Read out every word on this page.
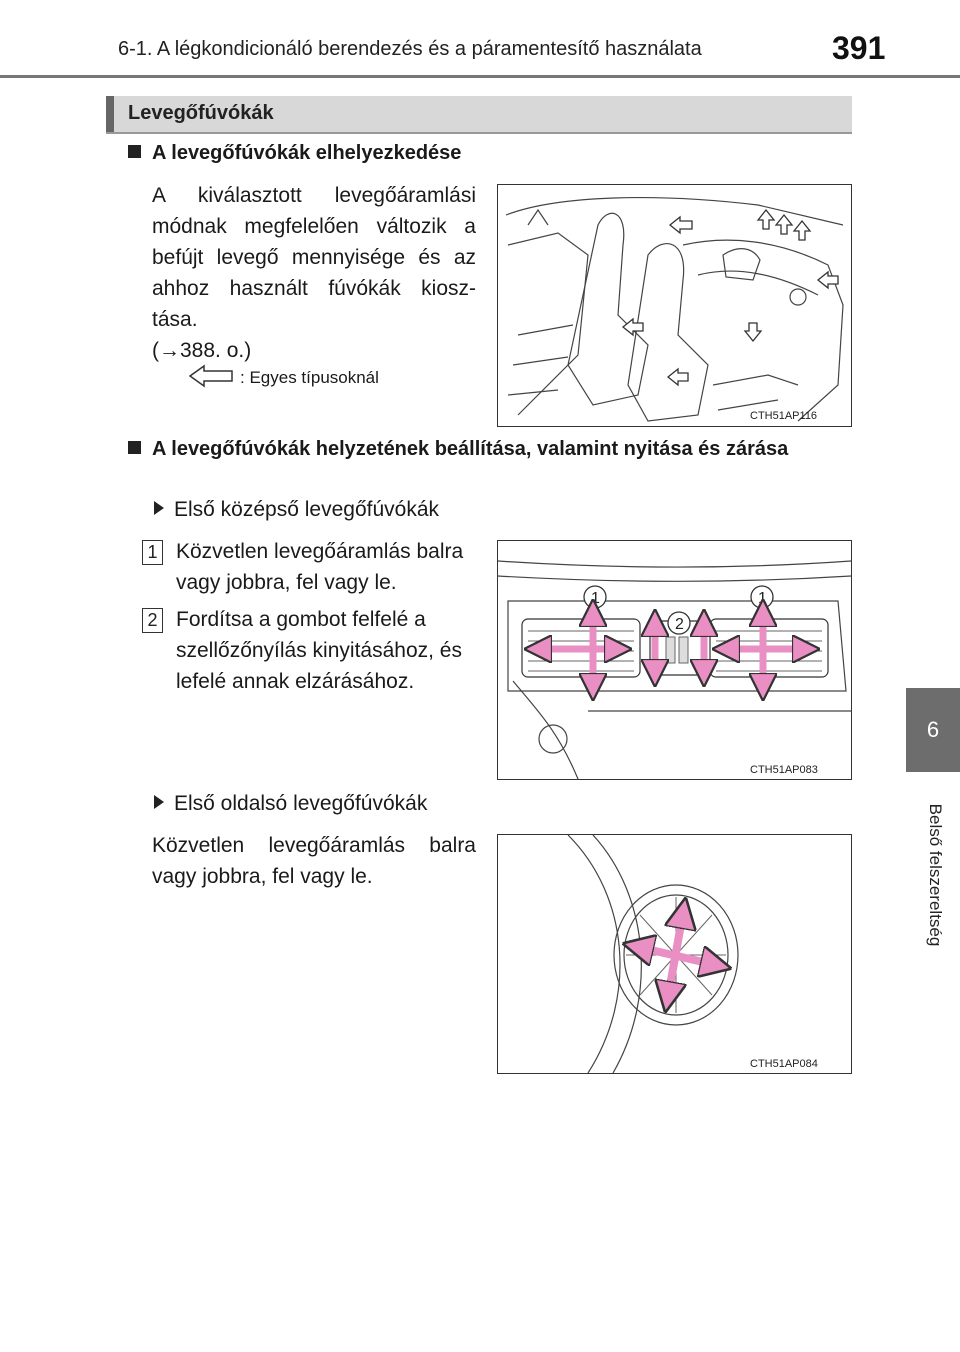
6-1. A légkondicionáló berendezés és a páramentesítő használata	391
6
Belső felszereltség
Levegőfúvókák
A levegőfúvókák elhelyezkedése
A kiválasztott levegőáramlási módnak megfelelően változik a befújt levegő mennyisége és az ahhoz használt fúvókák kiosz- tása.
(→388. o.)
: Egyes típusoknál
CTH51AP116
A levegőfúvókák helyzetének beállítása, valamint nyitása és zárása
Első középső levegőfúvókák
1 Közvetlen levegőáramlás balra vagy jobbra, fel vagy le.
2 Fordítsa a gombot felfelé a szellőzőnyílás kinyitásához, és lefelé annak elzárásához.
1
2
1
CTH51AP083
Első oldalsó levegőfúvókák
Közvetlen levegőáramlás balra vagy jobbra, fel vagy le.
CTH51AP084
